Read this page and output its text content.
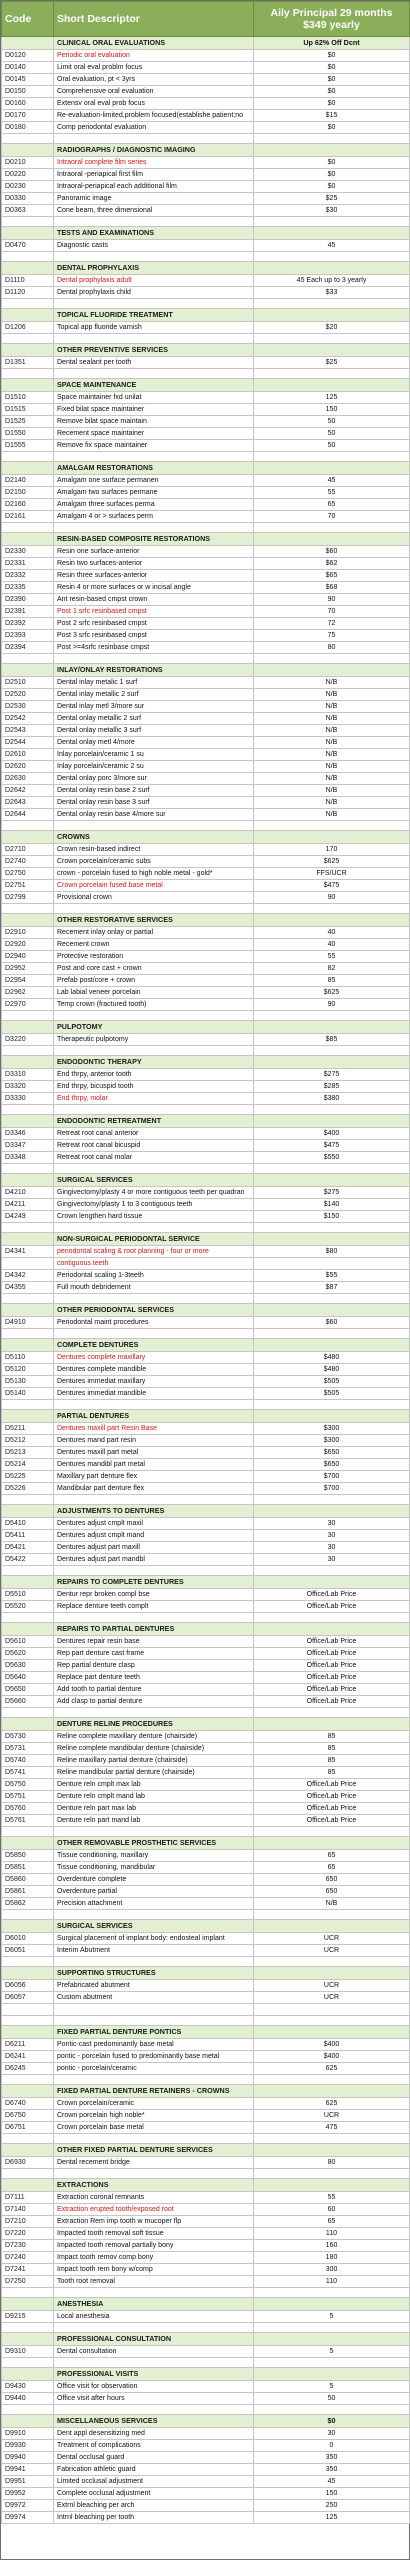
Code	Short Descriptor	Aily Principal 29 months
$349 yearly
	CLINICAL ORAL EVALUATIONS	Up 62% Off Dcnt
D0120	Periodic oral evaluation	$0
D0140	Limit oral eval problm focus	$0
D0145	Oral evaluation, pt < 3yrs	$0
D0150	Comprehensive oral evaluation	$0
D0160	Extensv oral eval prob focus	$0
D0170	Re-evaluation-limited,problem focused(establishe patient;no	$15
D0180	Comp periodontal evaluation	$0

	RADIOGRAPHS / DIAGNOSTIC IMAGING	
D0210	Intraoral complete film series	$0
D0220	Intraoral -periapical first film	$0
D0230	Intraoral-periapical each additional film	$0
D0330	Panoramic image	$25
D0363	Cone beam, three dimensional	$30

	TESTS AND EXAMINATIONS	
D0470	Diagnostic casts	45

	DENTAL PROPHYLAXIS	
D1110	Dental prophylaxis adult	45 Each up to 3 yearly
D1120	Dental prophylaxis child	$33

	TOPICAL FLUORIDE TREATMENT	
D1206	Topical app fluoride varnish	$20

	OTHER PREVENTIVE SERVICES	
D1351	Dental sealant per tooth	$25

	SPACE MAINTENANCE	
D1510	Space maintainer fxd unilat	125
D1515	Fixed bilat space maintainer	150
D1525	Remove bilat space maintain	50
D1550	Recement space maintainer	50
D1555	Remove fix space maintainer	50

	AMALGAM RESTORATIONS	
D2140	Amalgam one surface permanen	45
D2150	Amalgam two surfaces permane	55
D2160	Amalgam three surfaces perma	65
D2161	Amalgam 4 or > surfaces perm	70

	RESIN-BASED COMPOSITE RESTORATIONS	
D2330	Resin one surface-anterior	$60
D2331	Resin two surfaces-anterior	$62
D2332	Resin three surfaces-anterior	$65
D2335	Resin 4 or more surfaces or w incisal angle	$68
D2390	Ant resin-based cmpst crown	90
D2391	Post 1 srfc resinbased cmpst	70
D2392	Post 2 srfc resinbased cmpst	72
D2393	Post 3 srfc resinbased cmpst	75
D2394	Post >=4srfc resinbase cmpst	80

	INLAY/ONLAY RESTORATIONS	
D2510	Dental inlay metalic 1 surf	N/B
D2520	Dental inlay metallic 2 surf	N/B
D2530	Dental inlay metl 3/more sur	N/B
D2542	Dental onlay metallic 2 surf	N/B
D2543	Dental onlay metallic 3 surf	N/B
D2544	Dental onlay metl 4/more	N/B
D2610	Inlay porcelain/ceramic 1 su	N/B
D2620	Inlay porcelain/ceramic 2 su	N/B
D2630	Dental onlay porc 3/more sur	N/B
D2642	Dental onlay resin base 2 surf	N/B
D2643	Dental onlay resin base 3 surf	N/B
D2644	Dental onlay resin base 4/more sur	N/B

	CROWNS	
D2710	Crown resin-based indirect	170
D2740	Crown porcelain/ceramic subs	$625
D2750	crown - porcelain fused to high noble metal - gold*	FFS/UCR
D2751	Crown porcelain fused base metal	$475
D2799	Provisional crown	90

	OTHER RESTORATIVE SERVICES	
D2910	Recement inlay onlay or partial	40
D2920	Recement crown	40
D2940	Protective restoration	55
D2952	Post and core cast + crown	82
D2954	Prefab post/core + crown	85
D2962	Lab labial veneer porcelain	$625
D2970	Temp crown (fractured tooth)	90

	PULPOTOMY	
D3220	Therapeutic pulpotomy	$85

	ENDODONTIC THERAPY	
D3310	End thrpy, anterior tooth	$275
D3320	End thrpy, bicuspid tooth	$285
D3330	End thrpy, molar	$380

	ENDODONTIC RETREATMENT	
D3346	Retreat root canal anterior	$400
D3347	Retreat root canal bicuspid	$475
D3348	Retreat root canal molar	$550

	SURGICAL SERVICES	
D4210	Gingivectomy/plasty 4 or more contiguous teeth per quadran	$275
D4211	Gingivectomy/plasty 1 to 3 contiguous teeth	$140
D4249	Crown lengthen hard tissue	$150

	NON-SURGICAL PERIODONTAL SERVICE	
D4341	periodontal scaling & root planning - four or more	$80
	contiguous teeth	
D4342	Periodontal scaling 1-3teeth	$55
D4355	Full mouth debridement	$87

	OTHER PERIODONTAL SERVICES	
D4910	Periodontal maint procedures	$60

	COMPLETE DENTURES	
D5110	Dentures complete maxillary	$480
D5120	Dentures complete mandible	$480
D5130	Dentures immediat maxillary	$505
D5140	Dentures immediat mandible	$505

	PARTIAL DENTURES	
D5211	Dentures maxill part Resin Base	$300
D5212	Dentures mand part resin	$300
D5213	Dentures maxill part metal	$650
D5214	Dentures mandibl part metal	$650
D5225	Maxillary part denture flex	$700
D5226	Mandibular part denture flex	$700

	ADJUSTMENTS TO DENTURES	
D5410	Dentures adjust cmplt maxil	30
D5411	Dentures adjust cmplt mand	30
D5421	Dentures adjust part maxill	30
D5422	Dentures adjust part mandbl	30

	REPAIRS TO COMPLETE DENTURES	
D5510	Dentur repr broken compl bse	Office/Lab Price
D5520	Replace denture teeth complt	Office/Lab Price

	REPAIRS TO PARTIAL DENTURES	
D5610	Dentures repair resin base	Office/Lab Price
D5620	Rep part denture cast frame	Office/Lab Price
D5630	Rep partial denture clasp	Office/Lab Price
D5640	Replace part denture teeth	Office/Lab Price
D5650	Add tooth to partial denture	Office/Lab Price
D5660	Add clasp to partial denture	Office/Lab Price

	DENTURE RELINE PROCEDURES	
D5730	Reline complete maxillary denture (chairside)	85
D5731	Reline complete mandibular denture (chairside)	85
D5740	Reline maxillary partial denture (chairside)	85
D5741	Reline mandibular partial denture (chairside)	85
D5750	Denture reln cmplt max lab	Office/Lab Price
D5751	Denture reln cmplt mand lab	Office/Lab Price
D5760	Denture reln part max lab	Office/Lab Price
D5761	Denture reln part mand lab	Office/Lab Price

	OTHER REMOVABLE PROSTHETIC SERVICES	
D5850	Tissue conditioning, maxillary	65
D5851	Tissue conditioning, mandibular	65
D5860	Overdenture complete	650
D5861	Overdenture partial	650
D5862	Precision attachment	N/B

	SURGICAL SERVICES	
D6010	Surgical placement of implant body: endosteal implant	UCR
D6051	Interim Abutment	UCR

	SUPPORTING STRUCTURES	
D6056	Prefabricated abutment	UCR
D6057	Custom abutment	UCR

	FIXED PARTIAL DENTURE PONTICS	
D6211	Pontic-cast predominantly base metal	$400
D6241	pontic - porcelain fused to predominantly base metal	$400
D6245	pontic - porcelain/ceramic	625

	FIXED PARTIAL DENTURE RETAINERS - CROWNS	
D6740	Crown porcelain/ceramic	625
D6750	Crown porcelain high noble*	UCR
D6751	Crown porcelain base metal	475

	OTHER FIXED PARTIAL DENTURE SERVICES	
D6930	Dental recement bridge	80

	EXTRACTIONS	
D7111	Extraction coronal remnants	55
D7140	Extraction erupted tooth/exposed root	60
D7210	Extraction Rem imp tooth w mucoper flp	65
D7220	Impacted tooth removal soft tissue	110
D7230	Impacted tooth removal partially bony	160
D7240	Impact tooth remov comp bony	180
D7241	Impact tooth rem bony w/comp	300
D7250	Tooth root removal	110

	ANESTHESIA	
D9215	Local anesthesia	5

	PROFESSIONAL CONSULTATION	
D9310	Dental consultation	5

	PROFESSIONAL VISITS	
D9430	Office visit for observation	5
D9440	Office visit after hours	50

	MISCELLANEOUS SERVICES	$0
D9910	Dent appl desensitizing med	30
D9930	Treatment of complications	0
D9940	Dental occlusal guard	350
D9941	Fabrication athletic guard	350
D9951	Limited occlusal adjustment	45
D9952	Complete occlusal adjustment	150
D9972	Extrnl bleaching per arch	250
D9974	Intrnl bleaching per tooth	125
